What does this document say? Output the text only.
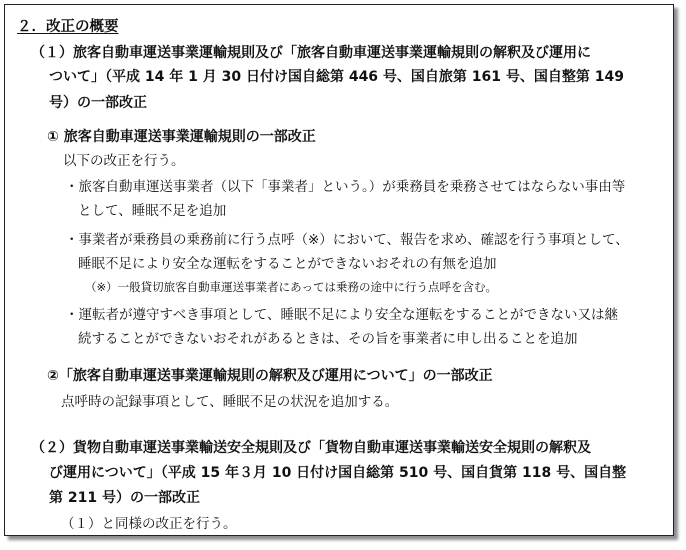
２．改正の概要
（１）旅客自動車運送事業運輸規則及び「旅客自動車運送事業運輸規則の解釈及び運用に
ついて」（平成 14 年 1 月 30 日付け国自総第 446 号、国自旅第 161 号、国自整第 149
号）の一部改正
① 旅客自動車運送事業運輸規則の一部改正
以下の改正を行う。
・旅客自動車運送事業者（以下「事業者」という。）が乗務員を乗務させてはならない事由等
として、睡眠不足を追加
・事業者が乗務員の乗務前に行う点呼（※）において、報告を求め、確認を行う事項として、
睡眠不足により安全な運転をすることができないおそれの有無を追加
（※）一般貸切旅客自動車運送事業者にあっては乗務の途中に行う点呼を含む。
・運転者が遵守すべき事項として、睡眠不足により安全な運転をすることができない又は継
続することができないおそれがあるときは、その旨を事業者に申し出ることを追加
②「旅客自動車運送事業運輸規則の解釈及び運用について」の一部改正
点呼時の記録事項として、睡眠不足の状況を追加する。
（２）貨物自動車運送事業輸送安全規則及び「貨物自動車運送事業輸送安全規則の解釈及
び運用について」（平成 15 年３月 10 日付け国自総第 510 号、国自貨第 118 号、国自整
第 211 号）の一部改正
（１）と同様の改正を行う。
